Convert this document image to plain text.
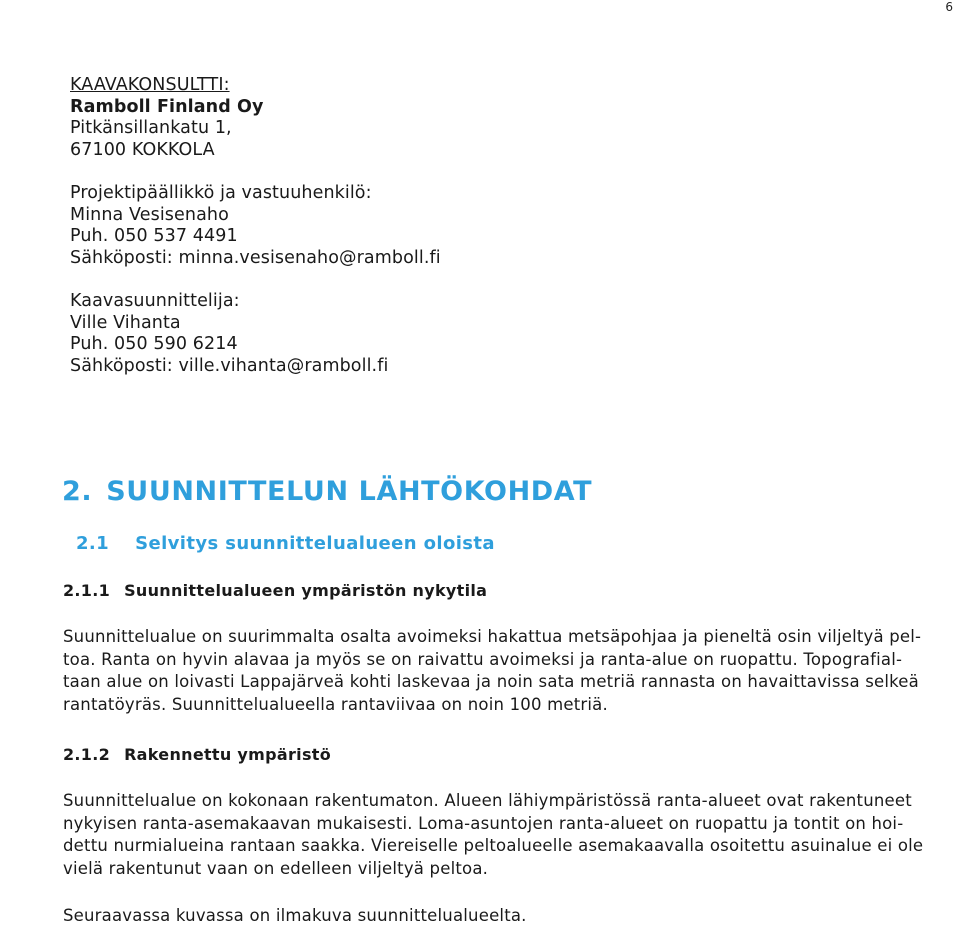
6
KAAVAKONSULTTI:
Ramboll Finland Oy
Pitkänsillankatu 1,
67100 KOKKOLA
Projektipäällikkö ja vastuuhenkilö:
Minna Vesisenaho
Puh. 050 537 4491
Sähköposti: minna.vesisenaho@ramboll.fi
Kaavasuunnittelija:
Ville Vihanta
Puh. 050 590 6214
Sähköposti: ville.vihanta@ramboll.fi
2. SUUNNITTELUN LÄHTÖKOHDAT
2.1 Selvitys suunnittelualueen oloista
2.1.1 Suunnittelualueen ympäristön nykytila
Suunnittelualue on suurimmalta osalta avoimeksi hakattua metsäpohjaa ja pieneltä osin viljeltyä pel-
toa. Ranta on hyvin alavaa ja myös se on raivattu avoimeksi ja ranta-alue on ruopattu. Topografial-
taan alue on loivasti Lappajärveä kohti laskevaa ja noin sata metriä rannasta on havaittavissa selkeä
rantatöyräs. Suunnittelualueella rantaviivaa on noin 100 metriä.
2.1.2 Rakennettu ympäristö
Suunnittelualue on kokonaan rakentumaton. Alueen lähiympäristössä ranta-alueet ovat rakentuneet
nykyisen ranta-asemakaavan mukaisesti. Loma-asuntojen ranta-alueet on ruopattu ja tontit on hoi-
dettu nurmialueina rantaan saakka. Viereiselle peltoalueelle asemakaavalla osoitettu asuinalue ei ole
vielä rakentunut vaan on edelleen viljeltyä peltoa.
Seuraavassa kuvassa on ilmakuva suunnittelualueelta.
